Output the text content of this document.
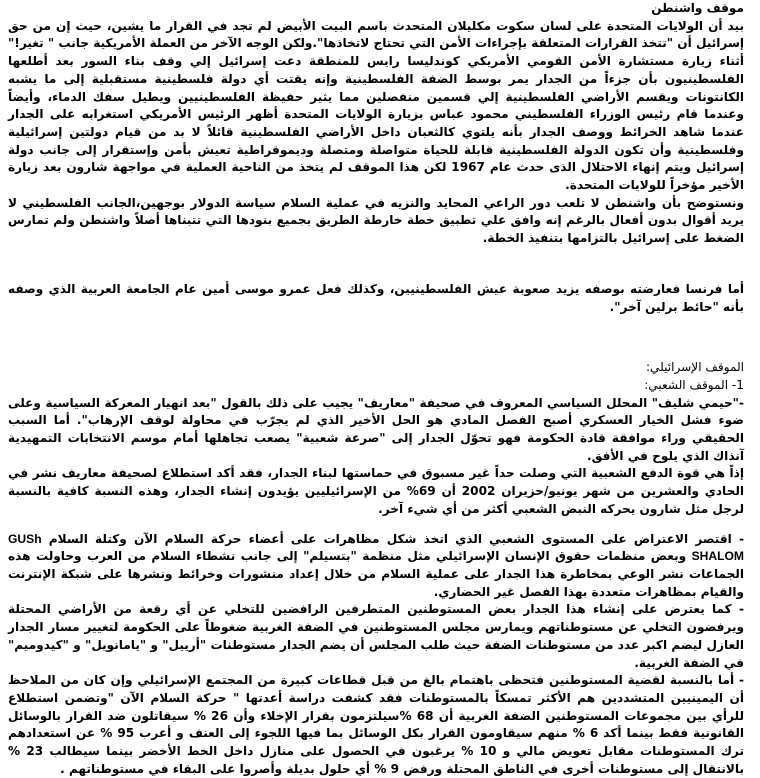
موقف واشنطن

بيد أن الولايات المتحدة على لسان سكوت مكليلان المتحدث باسم البيت الأبيض لم تجد في القرار ما يشين، حيث إن من حق إسرائيل أن "تتخذ القرارات المتعلقة بإجراءات الأمن التي تحتاج لاتخاذها".ولكن الوجه الآخر من العملة الأمريكية جانب " تغير!" أثناء زيارة مستشارة الأمن القومي الأمريكي كوندليسا رايس للمنطقة دعت إسرائيل إلي وقف بناء السور بعد أطلعها الفلسطينيون بأن جزءاً من الجدار يمر بوسط الضفة الفلسطينية وإنه يقتت أي دولة فلسطينية مستقبلية إلى ما يشبه الكانتونات ويقسم الأراضي الفلسطينية إلي قسمين منفصلين مما يثير حفيظة الفلسطينيين ويطيل سفك الدماء، وأيضاً وعندما قام رئيس الوزراء الفلسطيني محمود عباس بزيارة الولايات المتحدة أظهر الرئيس الأمريكي استغرابه على الجدار عندما شاهد الخرائط ووصف الجدار بأنه يلتوي كالثعبان داخل الأراضي الفلسطينية قائلاً لا بد من قيام دولتين إسرائيلية وفلسطينية وأن تكون الدولة الفلسطينية قابلة للحياة متواصلة ومتصلة وديموقراطية تعيش بأمن وإستقرار إلى جانب دولة إسرائيل ويتم إنهاء الاحتلال الذى حدث عام 1967 لكن هذا الموقف لم يتخذ من الناحية العملية في مواجهة شارون بعد زيارة الأخير مؤخراً للولايات المتحدة.

ونستوضح بأن واشنطن لا تلعب دور الراعي المحايد والنزيه في عملية السلام سياسة الدولار بوجهين،الجانب الفلسطيني لا يريد أقوال بدون أفعال بالرغم إنه وافق علي تطبيق خطة خارطة الطريق بجميع بنودها التي تتبناها أصلاً واشنطن ولم تمارس الضغط على إسرائيل بالتزامها بتنفيذ الخطة.

أما فرنسا فعارضته بوصفه يزيد صعوبة عيش الفلسطينيين، وكذلك فعل عمرو موسى أمين عام الجامعة العربية الذي وصفه بأنه "حائط برلين آخر".

الموقف الإسرائيلي:

1- الموقف الشعبي:

-"حيمي شليف" المحلل السياسي المعروف في صحيفة "معاريف" يجيب على ذلك بالقول "بعد انهيار المعركة السياسية وعلى ضوء فشل الخيار العسكري أصبح الفصل المادي هو الحل الأخير الذي لم يجرّب في محاولة لوقف الإرهاب". أما السبب الحقيقي وراء موافقة قادة الحكومة فهو تحوّل الجدار إلى "صرعة شعبية" يصعب تجاهلها أمام موسم الانتخابات التمهيدية آنذاك الذي يلوح في الأفق.

إذاً هي قوة الدفع الشعبية التي وصلت حداً غير مسبوق في حماستها لبناء الجدار، فقد أكد استطلاع لصحيفة معاريف نشر في الحادي والعشرين من شهر يونيو/حزيران 2002 أن 69% من الإسرائيليين يؤيدون إنشاء الجدار، وهذه النسبة كافية بالنسبة لرجل مثل شارون يحركه النبض الشعبي أكثر من أي شيء آخر.

- اقتصر الاعتراض على المستوى الشعبي الذي اتخذ شكل مظاهرات على أعضاء حركة السلام الآن وكتلة السلام GUSh SHALOM وبعض منظمات حقوق الإنسان الإسرائيلي مثل منظمة "بتسيلم" إلى جانب نشطاء السلام من العرب وحاولت هذه الجماعات نشر الوعي بمخاطرة هذا الجدار على عملية السلام من خلال إعداد منشورات وخرائط ونشرها على شبكة الإنترنت والقيام بمظاهرات متعددة بهذا الفصل غير الحضاري.

- كما يعترض على إنشاء هذا الجدار بعض المستوطنين المتطرفين الرافضين للتخلي عن أي رقعة من الأراضي المحتلة ويرفضون التخلي عن مستوطناتهم ويمارس مجلس المستوطنين في الضفة الغربية ضغوطاً على الحكومة لتغيير مسار الجدار العازل ليضم اكبر عدد من مستوطنات الضفة حيث طلب المجلس أن يضم الجدار مستوطنات "أرييل" و "يامانويل" و "كيدوميم" في الضفة الغربية.

- أما بالنسبة لقضية المستوطنين فتحظى باهتمام بالغ من قبل قطاعات كبيرة من المجتمع الإسرائيلي وإن كان من الملاحظ أن اليمينيين المتشددين هم الأكثر تمسكاً بالمستوطنات فقد كشفت دراسة أعدتها " حركة السلام الآن "وتضمن استطلاع للرأي بين مجموعات المستوطنين الضفة الغربية أن 68 %سيلتزمون بقرار الإخلاء وأن 26 % سيقاتلون ضد القرار بالوسائل القانونية فقط بينما أكد 6 % منهم سيقاومون القرار بكل الوسائل بما فيها اللجوء إلى العنف و أعرب 95 % عن استعدادهم ترك المستوطنات مقابل تعويض مالي و 10 % يرغبون في الحصول على منازل داخل الخط الأخضر بينما سيطالب 23 % بالانتقال إلى مستوطنات أخرى في الناطق المحتلة ورفض 9 % أي حلول بديلة وأصروا على البقاء في مستوطناتهم .
